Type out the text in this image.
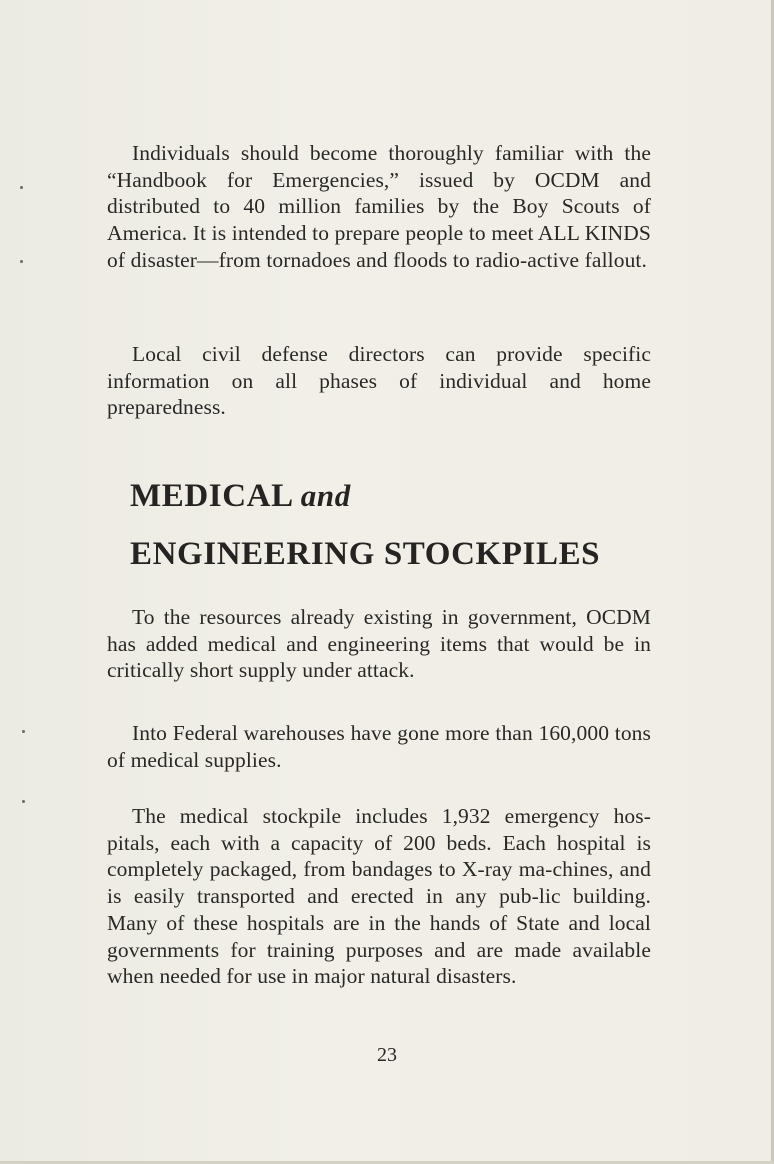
Individuals should become thoroughly familiar with the “Handbook for Emergencies,” issued by OCDM and distributed to 40 million families by the Boy Scouts of America. It is intended to prepare people to meet ALL KINDS of disaster—from tornadoes and floods to radio-active fallout.

Local civil defense directors can provide specific information on all phases of individual and home preparedness.

MEDICAL and
ENGINEERING STOCKPILES

To the resources already existing in government, OCDM has added medical and engineering items that would be in critically short supply under attack.

Into Federal warehouses have gone more than 160,000 tons of medical supplies.

The medical stockpile includes 1,932 emergency hos-pitals, each with a capacity of 200 beds. Each hospital is completely packaged, from bandages to X-ray ma-chines, and is easily transported and erected in any pub-lic building. Many of these hospitals are in the hands of State and local governments for training purposes and are made available when needed for use in major natural disasters.

23
